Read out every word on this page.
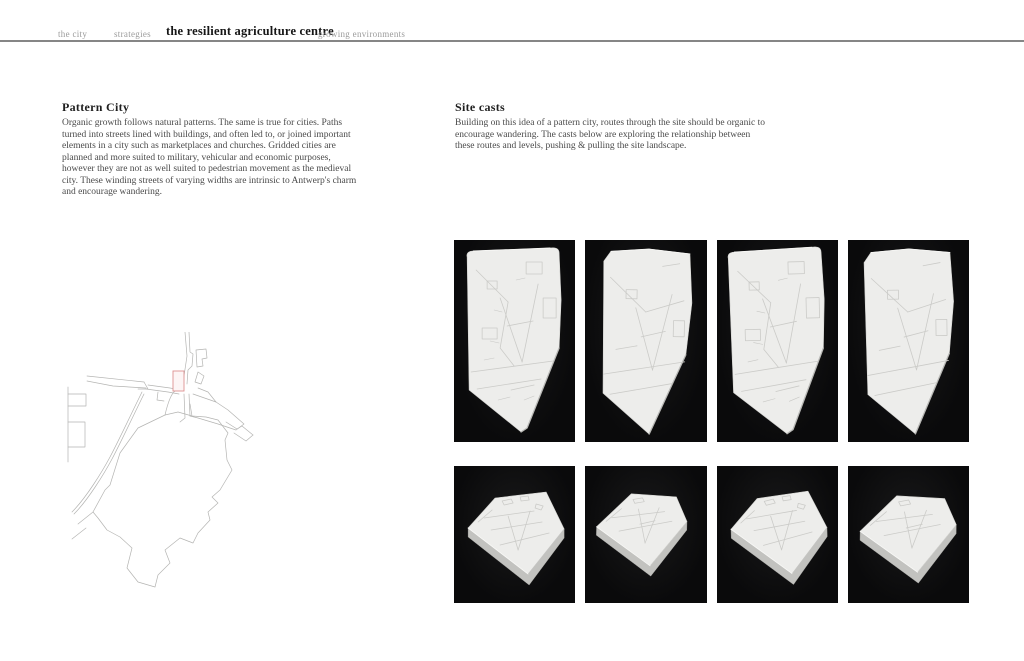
the city	strategies the resilient agriculture centre
growing environments
Pattern City

Organic growth follows natural patterns. The same is true for cities. Paths turned into streets lined with buildings, and often led to, or joined important elements in a city such as marketplaces and churches. Gridded cities are planned and more suited to military, vehicular and economic purposes, however they are not as well suited to pedestrian movement as the medieval city. These winding streets of varying widths are intrinsic to Antwerp's charm and encourage wandering.

Site casts

Building on this idea of a pattern city, routes through the site should be organic to encourage wandering. The casts below are exploring the relationship between these routes and levels, pushing & pulling the site landscape.
